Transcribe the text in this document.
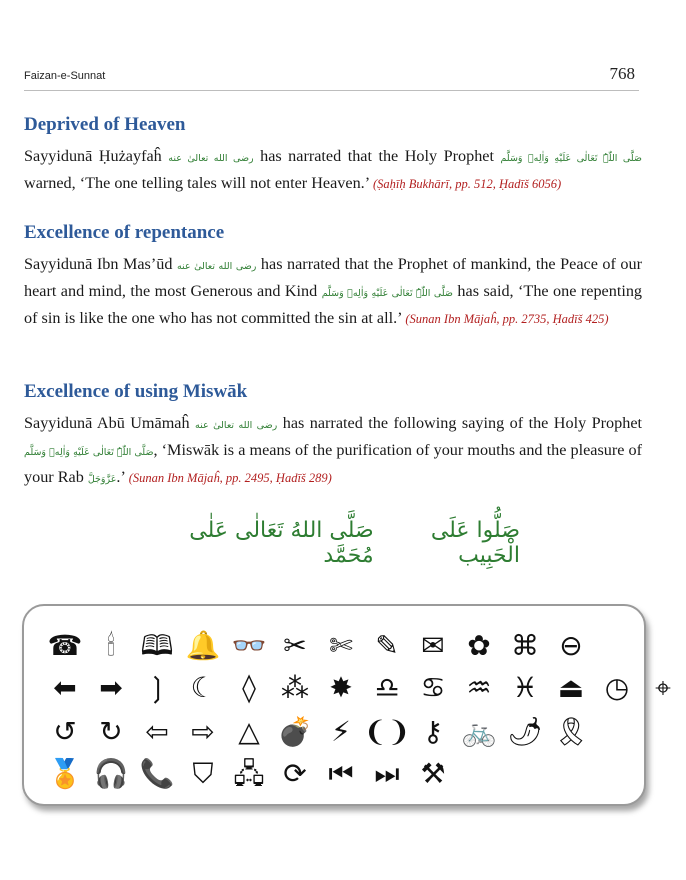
Faizan-e-Sunnat	768
Deprived of Heaven

Sayyidunā Ḥużayfaĥ رضی الله تعالیٰ عنه has narrated that the Holy Prophet صَلَّی اللّٰہُ تَعَالٰی عَلَیْهِ وَاٰلِهٖ وَسَلَّم warned, ‘The one telling tales will not enter Heaven.’ (Ṣaḥīḥ Bukhārī, pp. 512, Ḥadīš 6056)

Excellence of repentance

Sayyidunā Ibn Mas’ūd رضی الله تعالیٰ عنه has narrated that the Prophet of mankind, the Peace of our heart and mind, the most Generous and Kind صَلَّی اللّٰہُ تَعَالٰی عَلَیْهِ وَاٰلِهٖ وَسَلَّم has said, ‘The one repenting of sin is like the one who has not committed the sin at all.’ (Sunan Ibn Mājaĥ, pp. 2735, Ḥadīš 425)

Excellence of using Miswāk

Sayyidunā Abū Umāmaĥ رضی الله تعالیٰ عنه has narrated the following saying of the Holy Prophet صَلَّی اللّٰہُ تَعَالٰی عَلَیْهِ وَاٰلِهٖ وَسَلَّم, ‘Miswāk is a means of the purification of your mouths and the pleasure of your Rab عَزَّوَجَلَّ.’ (Sunan Ibn Mājaĥ, pp. 2495, Ḥadīš 289)

صَلُّوا عَلَى الْحَبِيب
صَلَّى اللهُ تَعَالٰى عَلٰى مُحَمَّد
☎ 🕯 🕮 🔔 👓 ✂ ✄ ✎ ✉ ✿ ⌘ ⊖
⬅ ➡ ❳ ☾ ◊ ⁂ ✸ ♎ ♋ ♒ ♓ ⏏ ◷ ⌖
↺ ↻ ⇦ ⇨ △ 💣 ⚡ ❨❩ ⚷ 🚲 🌶 🎗
🏅 🎧 📞 ⛉ 🖧 ⟳ ⏮ ⏭ ⚒
